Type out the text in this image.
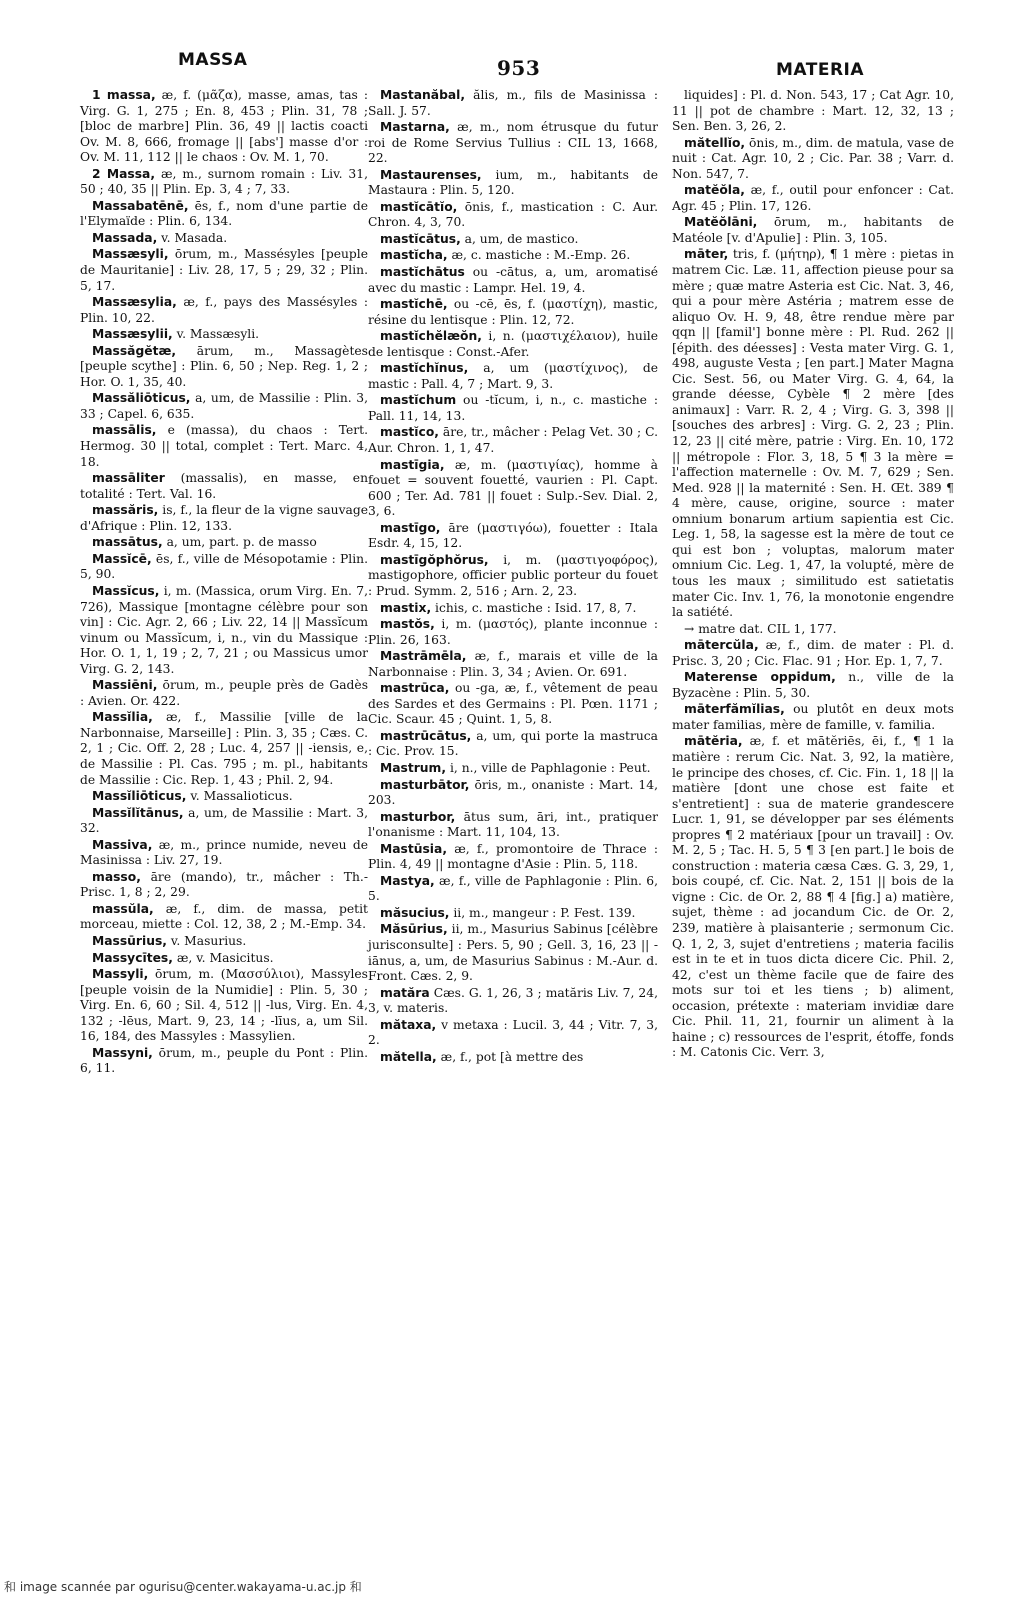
MASSA	953	MATERIA

1 massa, æ, f. (μᾶζα), masse, amas, tas : Virg. G. 1, 275 ; En. 8, 453 ; Plin. 31, 78 ; [bloc de marbre] Plin. 36, 49 || lactis coacti Ov. M. 8, 666, fromage || [abs'] masse d'or : Ov. M. 11, 112 || le chaos : Ov. M. 1, 70.

2 Massa, æ, m., surnom romain : Liv. 31, 50 ; 40, 35 || Plin. Ep. 3, 4 ; 7, 33.

Massabatēnē, ēs, f., nom d'une partie de l'Elymaïde : Plin. 6, 134.

Massada, v. Masada.

Massæsyli, ōrum, m., Massésyles [peuple de Mauritanie] : Liv. 28, 17, 5 ; 29, 32 ; Plin. 5, 17.

Massæsylia, æ, f., pays des Massésyles : Plin. 10, 22.

Massæsylii, v. Massæsyli.

Massăgĕtæ, ārum, m., Massagètes [peuple scythe] : Plin. 6, 50 ; Nep. Reg. 1, 2 ; Hor. O. 1, 35, 40.

Massăliōticus, a, um, de Massilie : Plin. 3, 33 ; Capel. 6, 635.

massālis, e (massa), du chaos : Tert. Hermog. 30 || total, complet : Tert. Marc. 4, 18.

massāliter (massalis), en masse, en totalité : Tert. Val. 16.

massăris, is, f., la fleur de la vigne sauvage d'Afrique : Plin. 12, 133.

massātus, a, um, part. p. de masso

Massĭcē, ēs, f., ville de Mésopotamie : Plin. 5, 90.

Massĭcus, i, m. (Massica, orum Virg. En. 7, 726), Massique [montagne célèbre pour son vin] : Cic. Agr. 2, 66 ; Liv. 22, 14 || Massĭcum vinum ou Massĭcum, i, n., vin du Massique : Hor. O. 1, 1, 19 ; 2, 7, 21 ; ou Massicus umor Virg. G. 2, 143.

Massiēni, ōrum, m., peuple près de Gadès : Avien. Or. 422.

Massĭlia, æ, f., Massilie [ville de la Narbonnaise, Marseille] : Plin. 3, 35 ; Cæs. C. 2, 1 ; Cic. Off. 2, 28 ; Luc. 4, 257 || -iensis, e, de Massilie : Pl. Cas. 795 ; m. pl., habitants de Massilie : Cic. Rep. 1, 43 ; Phil. 2, 94.

Massĭliōticus, v. Massalioticus.

Massĭlĭtānus, a, um, de Massilie : Mart. 3, 32.

Massiva, æ, m., prince numide, neveu de Masinissa : Liv. 27, 19.

masso, āre (mando), tr., mâcher : Th.-Prisc. 1, 8 ; 2, 29.

massŭla, æ, f., dim. de massa, petit morceau, miette : Col. 12, 38, 2 ; M.-Emp. 34.

Massūrius, v. Masurius.

Massycītes, æ, v. Masicitus.

Massyli, ōrum, m. (Μασσύλιοι), Massyles [peuple voisin de la Numidie] : Plin. 5, 30 ; Virg. En. 6, 60 ; Sil. 4, 512 || -lus, Virg. En. 4, 132 ; -lēus, Mart. 9, 23, 14 ; -līus, a, um Sil. 16, 184, des Massyles : Massylien.

Massyni, ōrum, m., peuple du Pont : Plin. 6, 11.

Mastanăbal, ălis, m., fils de Masinissa : Sall. J. 57.

Mastarna, æ, m., nom étrusque du futur roi de Rome Servius Tullius : CIL 13, 1668, 22.

Mastaurenses, ium, m., habitants de Mastaura : Plin. 5, 120.

mastĭcātĭo, ōnis, f., mastication : C. Aur. Chron. 4, 3, 70.

mastĭcātus, a, um, de mastico.

mastĭcha, æ, c. mastiche : M.-Emp. 26.

mastĭchātus ou -cātus, a, um, aromatisé avec du mastic : Lampr. Hel. 19, 4.

mastĭchē, ou -cē, ēs, f. (μαστίχη), mastic, résine du lentisque : Plin. 12, 72.

mastĭchĕlæŏn, i, n. (μαστιχέλαιον), huile de lentisque : Const.-Afer.

mastĭchĭnus, a, um (μαστίχινος), de mastic : Pall. 4, 7 ; Mart. 9, 3.

mastĭchum ou -tĭcum, i, n., c. mastiche : Pall. 11, 14, 13.

mastĭco, āre, tr., mâcher : Pelag Vet. 30 ; C. Aur. Chron. 1, 1, 47.

mastīgia, æ, m. (μαστιγίας), homme à fouet = souvent fouetté, vaurien : Pl. Capt. 600 ; Ter. Ad. 781 || fouet : Sulp.-Sev. Dial. 2, 3, 6.

mastīgo, āre (μαστιγόω), fouetter : Itala Esdr. 4, 15, 12.

mastīgŏphŏrus, i, m. (μαστιγοφόρος), mastigophore, officier public porteur du fouet : Prud. Symm. 2, 516 ; Arn. 2, 23.

mastix, ichis, c. mastiche : Isid. 17, 8, 7.

mastŏs, i, m. (μαστός), plante inconnue : Plin. 26, 163.

Mastrāmēla, æ, f., marais et ville de la Narbonnaise : Plin. 3, 34 ; Avien. Or. 691.

mastrūca, ou -ga, æ, f., vêtement de peau des Sardes et des Germains : Pl. Pœn. 1171 ; Cic. Scaur. 45 ; Quint. 1, 5, 8.

mastrūcātus, a, um, qui porte la mastruca : Cic. Prov. 15.

Mastrum, i, n., ville de Paphlagonie : Peut.

masturbātor, ōris, m., onaniste : Mart. 14, 203.

masturbor, ātus sum, āri, int., pratiquer l'onanisme : Mart. 11, 104, 13.

Mastūsia, æ, f., promontoire de Thrace : Plin. 4, 49 || montagne d'Asie : Plin. 5, 118.

Mastya, æ, f., ville de Paphlagonie : Plin. 6, 5.

măsucius, ii, m., mangeur : P. Fest. 139.

Măsūrius, ii, m., Masurius Sabinus [célèbre jurisconsulte] : Pers. 5, 90 ; Gell. 3, 16, 23 || -iānus, a, um, de Masurius Sabinus : M.-Aur. d. Front. Cæs. 2, 9.

matăra Cæs. G. 1, 26, 3 ; matăris Liv. 7, 24, 3, v. materis.

mătaxa, v metaxa : Lucil. 3, 44 ; Vitr. 7, 3, 2.

mătella, æ, f., pot [à mettre des

liquides] : Pl. d. Non. 543, 17 ; Cat Agr. 10, 11 || pot de chambre : Mart. 12, 32, 13 ; Sen. Ben. 3, 26, 2.

mătellĭo, ōnis, m., dim. de matula, vase de nuit : Cat. Agr. 10, 2 ; Cic. Par. 38 ; Varr. d. Non. 547, 7.

matĕŏla, æ, f., outil pour enfoncer : Cat. Agr. 45 ; Plin. 17, 126.

Matĕŏlāni, ōrum, m., habitants de Matéole [v. d'Apulie] : Plin. 3, 105.

māter, tris, f. (μήτηρ), ¶ 1 mère : pietas in matrem Cic. Læ. 11, affection pieuse pour sa mère ; quæ matre Asteria est Cic. Nat. 3, 46, qui a pour mère Astéria ; matrem esse de aliquo Ov. H. 9, 48, être rendue mère par qqn || [famil'] bonne mère : Pl. Rud. 262 || [épith. des déesses] : Vesta mater Virg. G. 1, 498, auguste Vesta ; [en part.] Mater Magna Cic. Sest. 56, ou Mater Virg. G. 4, 64, la grande déesse, Cybèle ¶ 2 mère [des animaux] : Varr. R. 2, 4 ; Virg. G. 3, 398 || [souches des arbres] : Virg. G. 2, 23 ; Plin. 12, 23 || cité mère, patrie : Virg. En. 10, 172 || métropole : Flor. 3, 18, 5 ¶ 3 la mère = l'affection maternelle : Ov. M. 7, 629 ; Sen. Med. 928 || la maternité : Sen. H. Œt. 389 ¶ 4 mère, cause, origine, source : mater omnium bonarum artium sapientia est Cic. Leg. 1, 58, la sagesse est la mère de tout ce qui est bon ; voluptas, malorum mater omnium Cic. Leg. 1, 47, la volupté, mère de tous les maux ; similitudo est satietatis mater Cic. Inv. 1, 76, la monotonie engendre la satiété.

→ matre dat. CIL 1, 177.

mātercŭla, æ, f., dim. de mater : Pl. d. Prisc. 3, 20 ; Cic. Flac. 91 ; Hor. Ep. 1, 7, 7.

Materense oppidum, n., ville de la Byzacène : Plin. 5, 30.

māterfămĭlias, ou plutôt en deux mots mater familias, mère de famille, v. familia.

mātĕria, æ, f. et mātĕriēs, ēi, f., ¶ 1 la matière : rerum Cic. Nat. 3, 92, la matière, le principe des choses, cf. Cic. Fin. 1, 18 || la matière [dont une chose est faite et s'entretient] : sua de materie grandescere Lucr. 1, 91, se développer par ses éléments propres ¶ 2 matériaux [pour un travail] : Ov. M. 2, 5 ; Tac. H. 5, 5 ¶ 3 [en part.] le bois de construction : materia cæsa Cæs. G. 3, 29, 1, bois coupé, cf. Cic. Nat. 2, 151 || bois de la vigne : Cic. de Or. 2, 88 ¶ 4 [fig.] a) matière, sujet, thème : ad jocandum Cic. de Or. 2, 239, matière à plaisanterie ; sermonum Cic. Q. 1, 2, 3, sujet d'entretiens ; materia facilis est in te et in tuos dicta dicere Cic. Phil. 2, 42, c'est un thème facile que de faire des mots sur toi et les tiens ; b) aliment, occasion, prétexte : materiam invidiæ dare Cic. Phil. 11, 21, fournir un aliment à la haine ; c) ressources de l'esprit, étoffe, fonds : M. Catonis Cic. Verr. 3,

和 image scannée par ogurisu@center.wakayama-u.ac.jp 和
